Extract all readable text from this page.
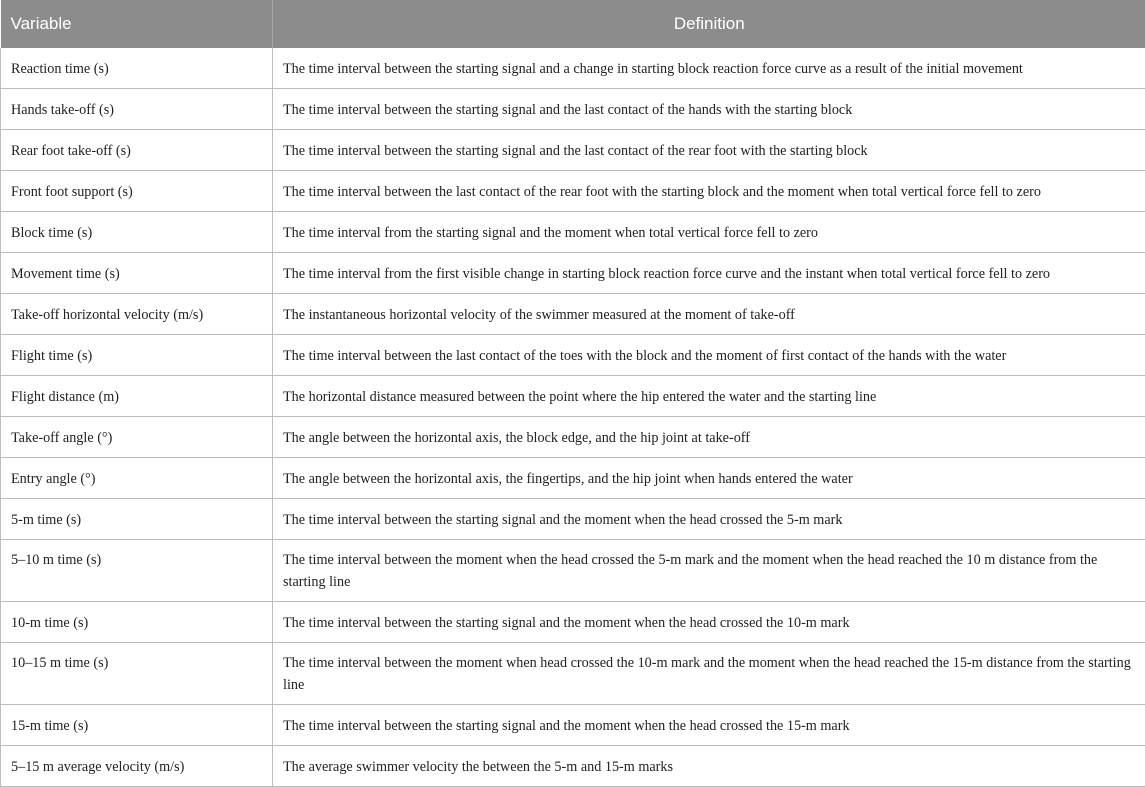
Variable	Definition
Reaction time (s)	The time interval between the starting signal and a change in starting block reaction force curve as a result of the initial movement
Hands take-off (s)	The time interval between the starting signal and the last contact of the hands with the starting block
Rear foot take-off (s)	The time interval between the starting signal and the last contact of the rear foot with the starting block
Front foot support (s)	The time interval between the last contact of the rear foot with the starting block and the moment when total vertical force fell to zero
Block time (s)	The time interval from the starting signal and the moment when total vertical force fell to zero
Movement time (s)	The time interval from the first visible change in starting block reaction force curve and the instant when total vertical force fell to zero
Take-off horizontal velocity (m/s)	The instantaneous horizontal velocity of the swimmer measured at the moment of take-off
Flight time (s)	The time interval between the last contact of the toes with the block and the moment of first contact of the hands with the water
Flight distance (m)	The horizontal distance measured between the point where the hip entered the water and the starting line
Take-off angle (°)	The angle between the horizontal axis, the block edge, and the hip joint at take-off
Entry angle (°)	The angle between the horizontal axis, the fingertips, and the hip joint when hands entered the water
5-m time (s)	The time interval between the starting signal and the moment when the head crossed the 5-m mark
5–10 m time (s)	The time interval between the moment when the head crossed the 5-m mark and the moment when the head reached the 10 m distance from the starting line
10-m time (s)	The time interval between the starting signal and the moment when the head crossed the 10-m mark
10–15 m time (s)	The time interval between the moment when head crossed the 10-m mark and the moment when the head reached the 15-m distance from the starting line
15-m time (s)	The time interval between the starting signal and the moment when the head crossed the 15-m mark
5–15 m average velocity (m/s)	The average swimmer velocity the between the 5-m and 15-m marks
